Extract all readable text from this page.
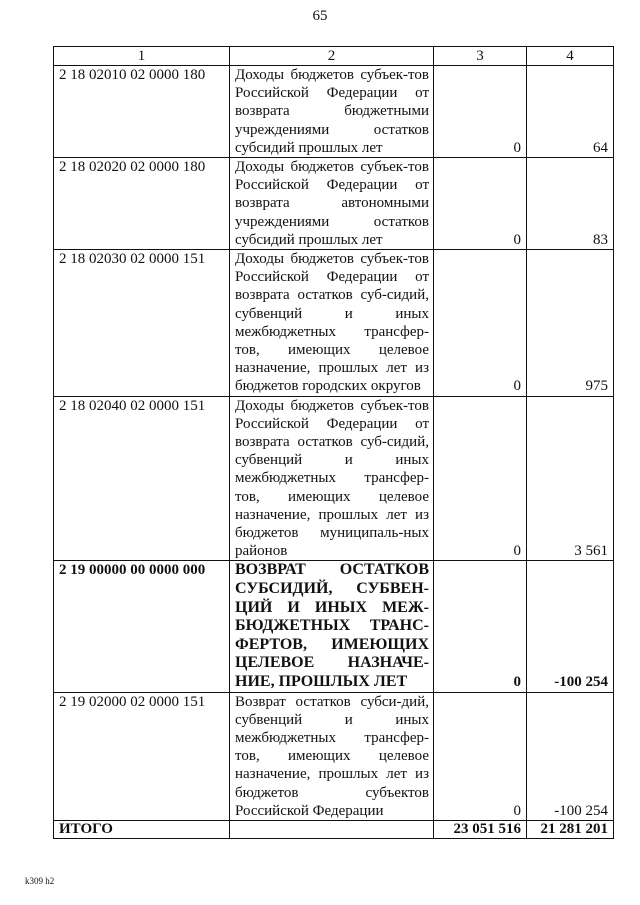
65
1	2	3	4
2 18 02010 02 0000 180	Доходы бюджетов субъек-тов Российской Федерации от возврата бюджетными учреждениями остатков субсидий прошлых лет	0	64
2 18 02020 02 0000 180	Доходы бюджетов субъек-тов Российской Федерации от возврата автономными учреждениями остатков субсидий прошлых лет	0	83
2 18 02030 02 0000 151	Доходы бюджетов субъек-тов Российской Федерации от возврата остатков суб-сидий, субвенций и иных межбюджетных трансфер-тов, имеющих целевое назначение, прошлых лет из бюджетов городских округов	0	975
2 18 02040 02 0000 151	Доходы бюджетов субъек-тов Российской Федерации от возврата остатков суб-сидий, субвенций и иных межбюджетных трансфер-тов, имеющих целевое назначение, прошлых лет из бюджетов муниципаль-ных районов	0	3 561
2 19 00000 00 0000 000	ВОЗВРАТ ОСТАТКОВ СУБСИДИЙ, СУБВЕН-ЦИЙ И ИНЫХ МЕЖ-БЮДЖЕТНЫХ ТРАНС-ФЕРТОВ, ИМЕЮЩИХ ЦЕЛЕВОЕ НАЗНАЧЕ-НИЕ, ПРОШЛЫХ ЛЕТ	0	-100 254
2 19 02000 02 0000 151	Возврат остатков субси-дий, субвенций и иных межбюджетных трансфер-тов, имеющих целевое назначение, прошлых лет из бюджетов субъектов Российской Федерации	0	-100 254
ИТОГО		23 051 516	21 281 201
k309 h2
